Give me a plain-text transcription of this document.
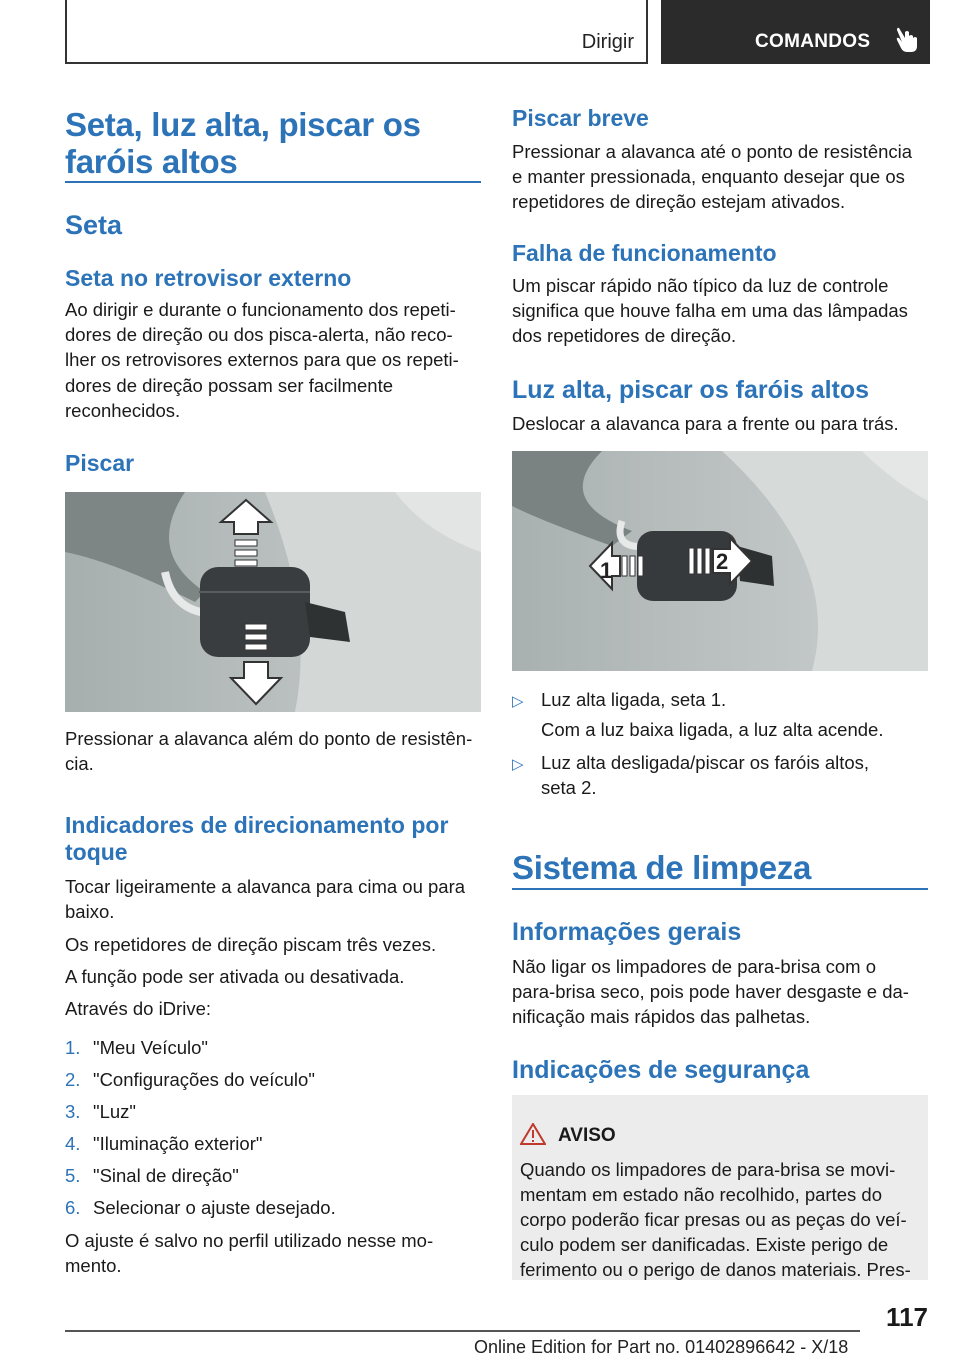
Dirigir	COMANDOS
Seta, luz alta, piscar os
faróis altos
Seta
Seta no retrovisor externo

Ao dirigir e durante o funcionamento dos repeti-

dores de direção ou dos pisca-alerta, não reco-

lher os retrovisores externos para que os repeti-

dores de direção possam ser facilmente

reconhecidos.

Piscar

Pressionar a alavanca além do ponto de resistên-

cia.

Indicadores de direcionamento por
toque

Tocar ligeiramente a alavanca para cima ou para

baixo.

Os repetidores de direção piscam três vezes.

A função pode ser ativada ou desativada.

Através do iDrive:

1. "Meu Veículo"
2. "Configurações do veículo"
3. "Luz"
4. "Iluminação exterior"
5. "Sinal de direção"
6. Selecionar o ajuste desejado.

O ajuste é salvo no perfil utilizado nesse mo-

mento.

Piscar breve

Pressionar a alavanca até o ponto de resistência

e manter pressionada, enquanto desejar que os

repetidores de direção estejam ativados.

Falha de funcionamento

Um piscar rápido não típico da luz de controle

significa que houve falha em uma das lâmpadas

dos repetidores de direção.

Luz alta, piscar os faróis altos

Deslocar a alavanca para a frente ou para trás.

1	2
▷ Luz alta ligada, seta 1.

Com a luz baixa ligada, a luz alta acende.

▷ Luz alta desligada/piscar os faróis altos,
seta 2.
Sistema de limpeza
Informações gerais

Não ligar os limpadores de para-brisa com o

para-brisa seco, pois pode haver desgaste e da-

nificação mais rápidos das palhetas.

Indicações de segurança
AVISO

Quando os limpadores de para-brisa se movi-

mentam em estado não recolhido, partes do

corpo poderão ficar presas ou as peças do veí-

culo podem ser danificadas. Existe perigo de

ferimento ou o perigo de danos materiais. Pres-

117
Online Edition for Part no. 01402896642 - X/18
